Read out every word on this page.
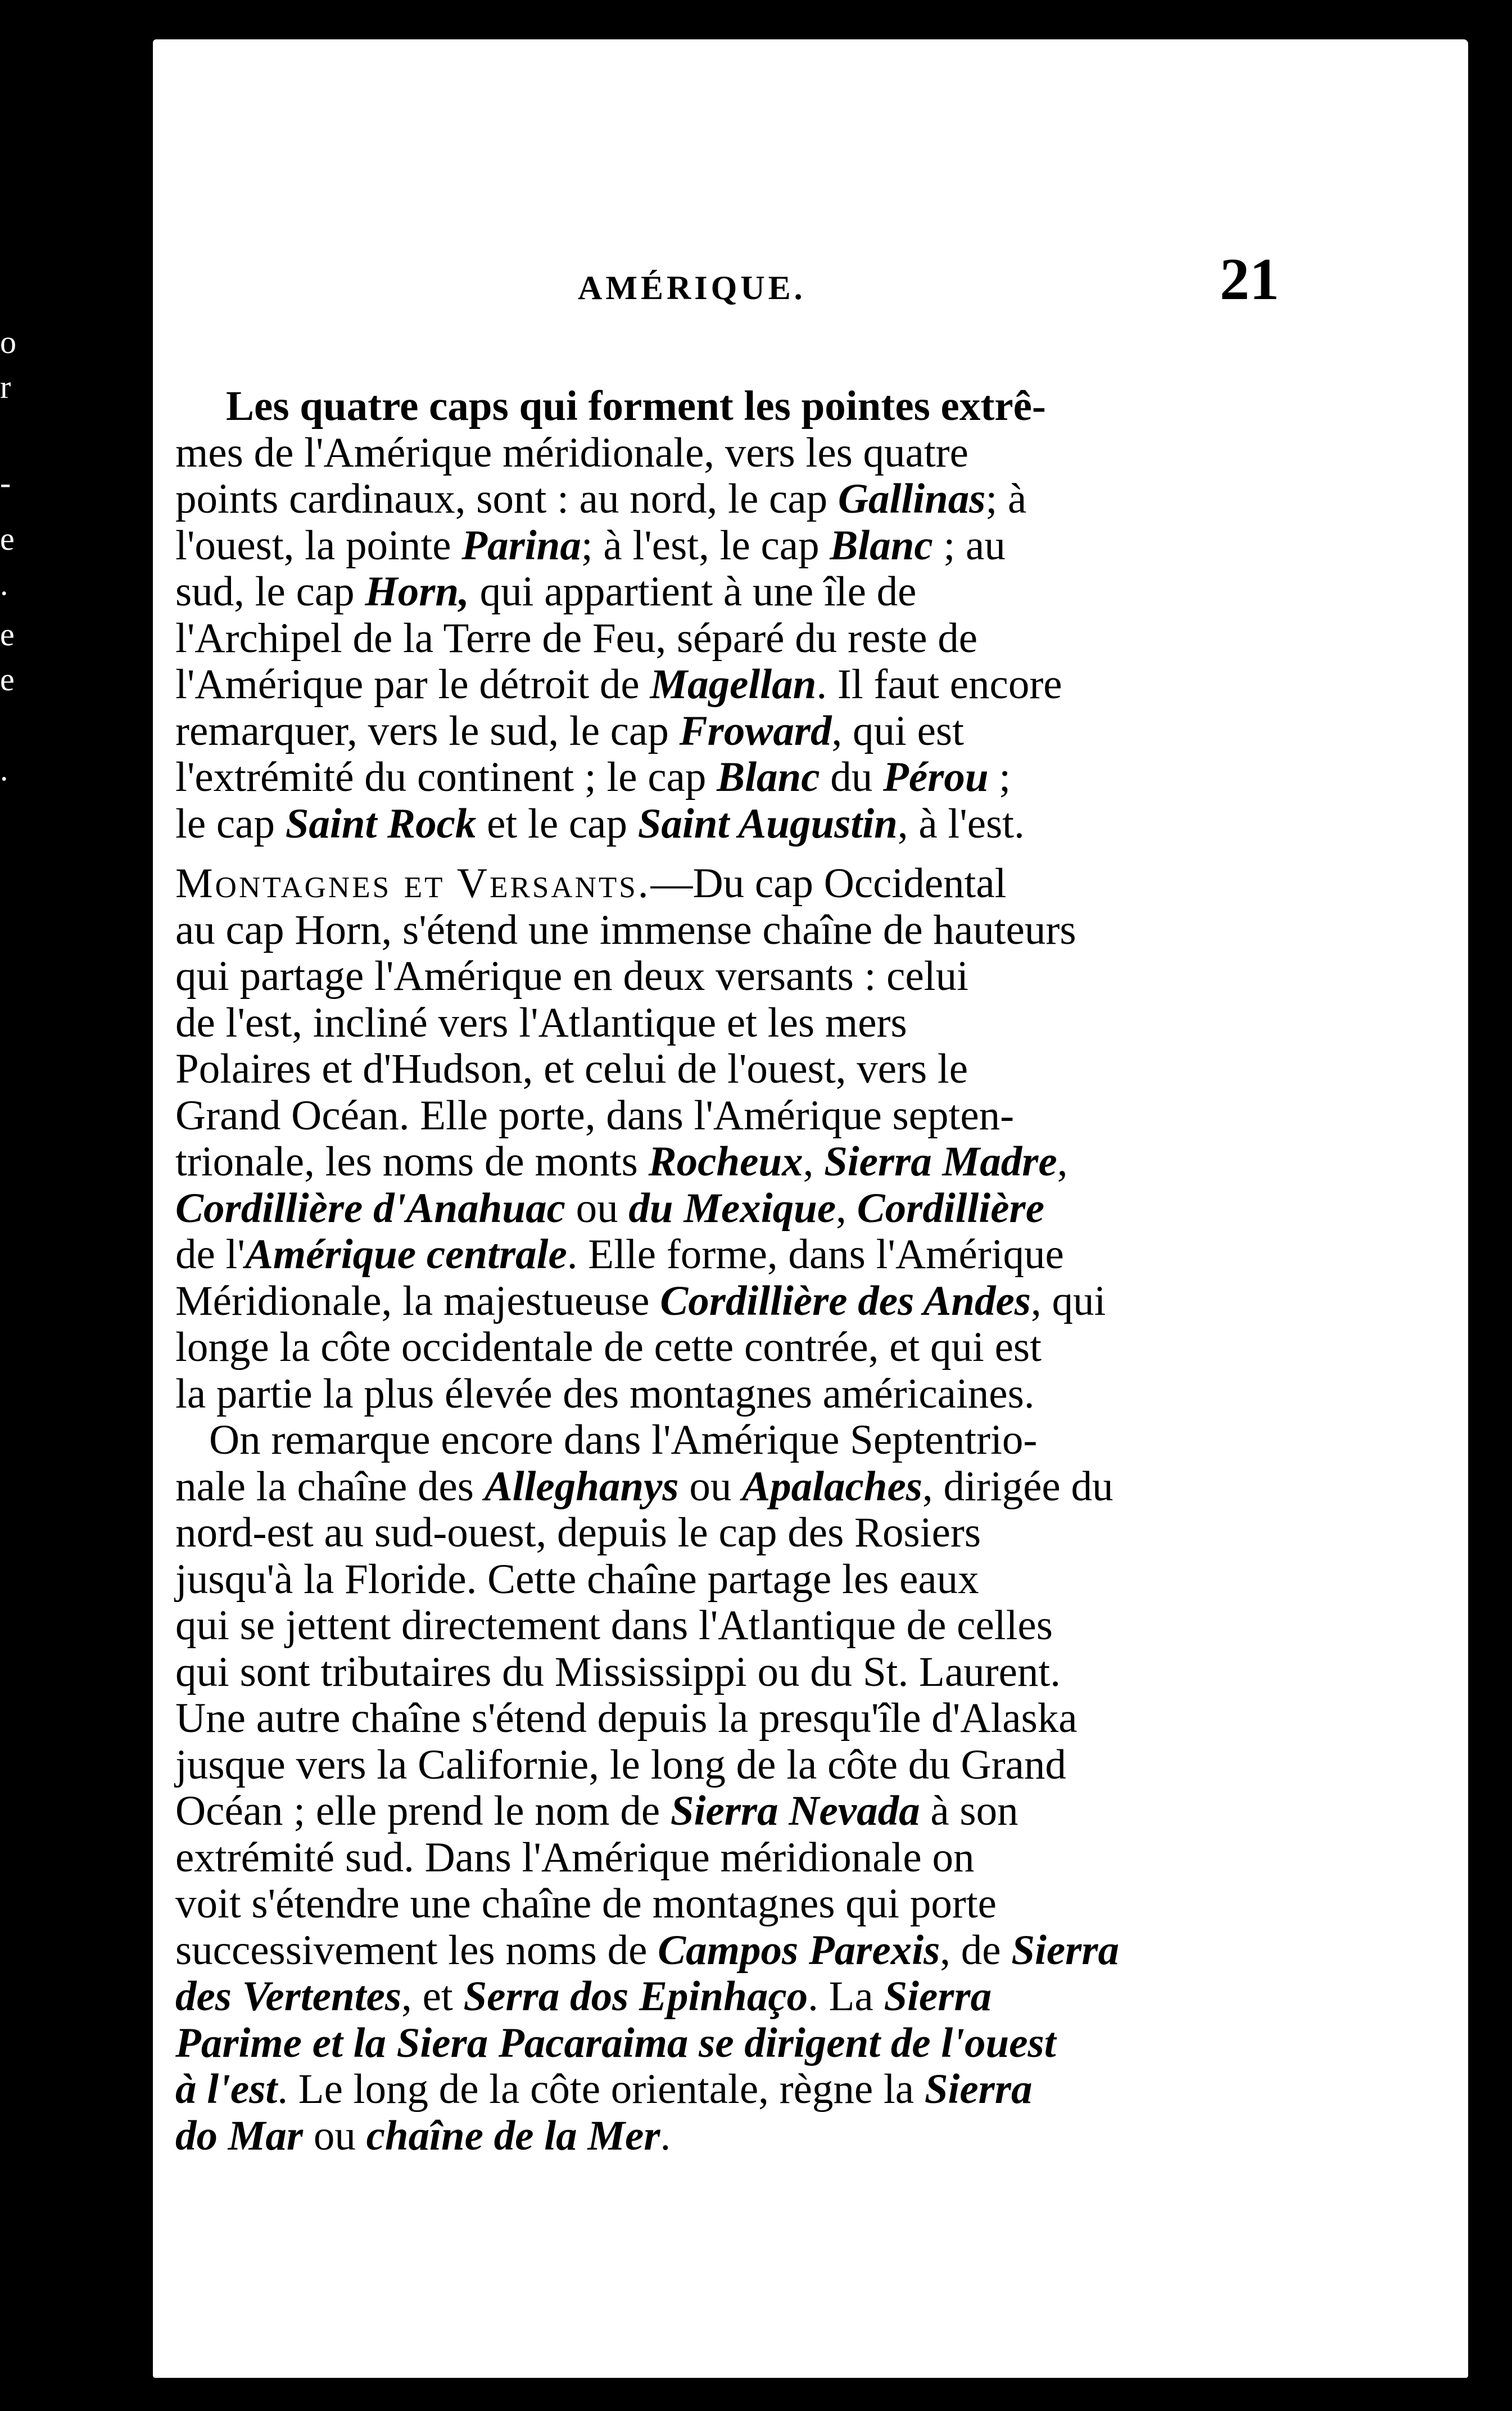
o
r
-
e
.
e
e
.
AMÉRIQUE.	21
Les quatre caps qui forment les pointes extrê-
mes de l'Amérique méridionale, vers les quatre
points cardinaux, sont : au nord, le cap Gallinas; à
l'ouest, la pointe Parina; à l'est, le cap Blanc ; au
sud, le cap Horn, qui appartient à une île de
l'Archipel de la Terre de Feu, séparé du reste de
l'Amérique par le détroit de Magellan. Il faut encore
remarquer, vers le sud, le cap Froward, qui est
l'extrémité du continent ; le cap Blanc du Pérou ;
le cap Saint Rock et le cap Saint Augustin, à l'est.
Montagnes et Versants.—Du cap Occidental
au cap Horn, s'étend une immense chaîne de hauteurs
qui partage l'Amérique en deux versants : celui
de l'est, incliné vers l'Atlantique et les mers
Polaires et d'Hudson, et celui de l'ouest, vers le
Grand Océan. Elle porte, dans l'Amérique septen-
trionale, les noms de monts Rocheux, Sierra Madre,
Cordillière d'Anahuac ou du Mexique, Cordillière
de l'Amérique centrale. Elle forme, dans l'Amérique
Méridionale, la majestueuse Cordillière des Andes, qui
longe la côte occidentale de cette contrée, et qui est
la partie la plus élevée des montagnes américaines.
On remarque encore dans l'Amérique Septentrio-
nale la chaîne des Alleghanys ou Apalaches, dirigée du
nord-est au sud-ouest, depuis le cap des Rosiers
jusqu'à la Floride. Cette chaîne partage les eaux
qui se jettent directement dans l'Atlantique de celles
qui sont tributaires du Mississippi ou du St. Laurent.
Une autre chaîne s'étend depuis la presqu'île d'Alaska
jusque vers la Californie, le long de la côte du Grand
Océan ; elle prend le nom de Sierra Nevada à son
extrémité sud. Dans l'Amérique méridionale on
voit s'étendre une chaîne de montagnes qui porte
successivement les noms de Campos Parexis, de Sierra
des Vertentes, et Serra dos Epinhaço. La Sierra
Parime et la Siera Pacaraima se dirigent de l'ouest
à l'est. Le long de la côte orientale, règne la Sierra
do Mar ou chaîne de la Mer.
